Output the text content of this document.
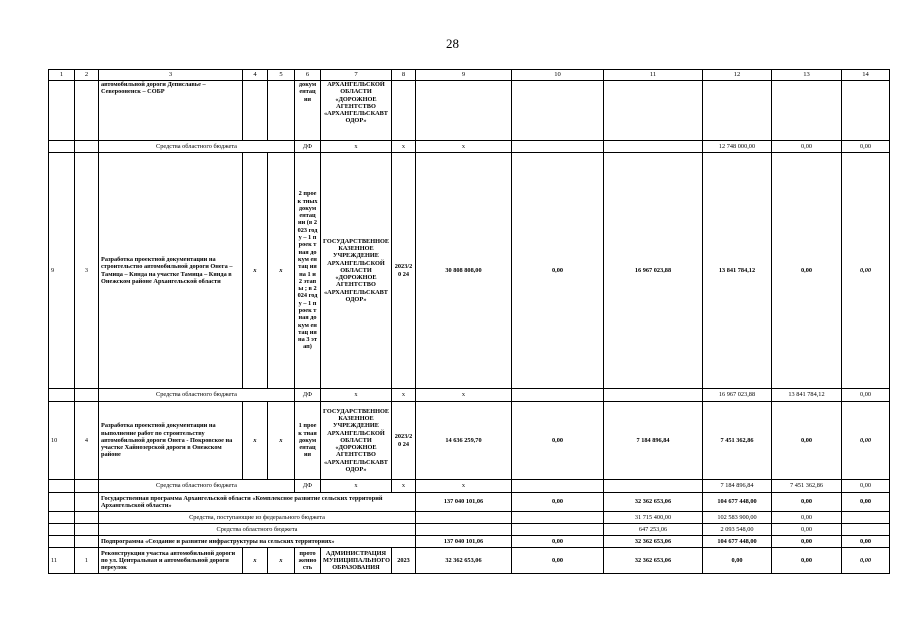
28
1	2	3	4	5	6	7	8	9	10	11	12	13	14
		автомобильной дороги Депиславье – Северооненск – СОБР			докум ентац ия	АРХАНГЕЛЬСКОЙ ОБЛАСТИ «ДОРОЖНОЕ АГЕНТСТВО «АРХАНГЕЛЬСКАВТ ОДОР»							
		Средства областного бюджета			ДФ	х	х	х			12 748 000,00	0,00	0,00
9	3	Разработка проектной документации на строительство автомобильной дороги Онега – Тамица – Кянда на участке Тамица – Кянда в Онежском районе Архангельской области	х	х	2 проек тных докум ентац ии (в 2023 году – 1 проек тная докум ентац ия на 1 и 2 этапы ; в 2024 году – 1 проек тная докум ентац ия на 3 этап)	ГОСУДАРСТВЕННОЕ КАЗЕННОЕ УЧРЕЖДЕНИЕ АРХАНГЕЛЬСКОЙ ОБЛАСТИ «ДОРОЖНОЕ АГЕНТСТВО «АРХАНГЕЛЬСКАВТ ОДОР»	2023/20 24	30 808 808,00	0,00	16 967 023,88	13 841 784,12	0,00	0,00
		Средства областного бюджета			ДФ	х	х	х			16 967 023,88	13 841 784,12	0,00
10	4	Разработка проектной документации на выполнение работ по строительству автомобильной дороги Онега - Покровское на участке Хайнозерской дороги в Онежском районе	х	х	1 проек тная докум ентац ия	ГОСУДАРСТВЕННОЕ КАЗЕННОЕ УЧРЕЖДЕНИЕ АРХАНГЕЛЬСКОЙ ОБЛАСТИ «ДОРОЖНОЕ АГЕНТСТВО «АРХАНГЕЛЬСКАВТ ОДОР»	2023/20 24	14 636 259,70	0,00	7 184 896,84	7 451 362,86	0,00	0,00
		Средства областного бюджета			ДФ	х	х	х			7 184 896,84	7 451 362,86	0,00
		Государственная программа Архангельской области «Комплексное развитие сельских территорий Архангельской области»						137 040 101,06	0,00	32 362 653,06	104 677 448,00	0,00	0,00
		Средства, поступающие из федерального бюджета								31 715 400,00	102 583 900,00	0,00	
		Средства областного бюджета								647 253,06	2 093 548,00	0,00	
		Подпрограмма «Создание и развитие инфраструктуры на сельских территориях»						137 040 101,06	0,00	32 362 653,06	104 677 448,00	0,00	0,00
11	1	Реконструкция участка автомобильной дороги по ул. Центральная и автомобильной дороги переулок	х	х	прото женно сть	АДМИНИСТРАЦИЯ МУНИЦИПАЛЬНОГО ОБРАЗОВАНИЯ	2023	32 362 653,06	0,00	32 362 653,06	0,00	0,00	0,00
